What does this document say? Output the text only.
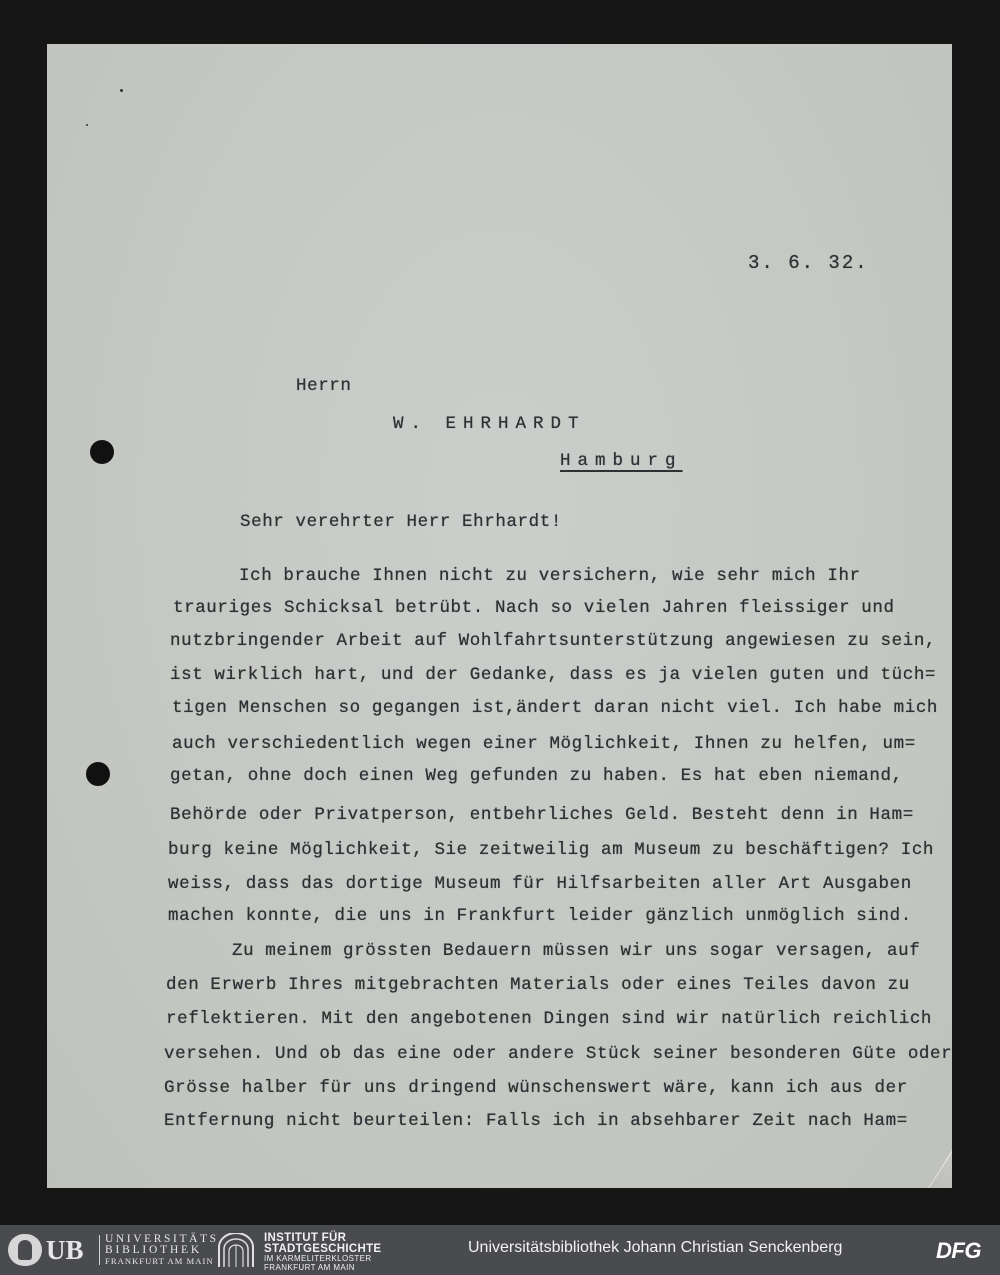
3. 6. 32.

Herrn

W. EHRHARDT

Hamburg

Sehr verehrter Herr Ehrhardt!

Ich brauche Ihnen nicht zu versichern, wie sehr mich Ihr

trauriges Schicksal betrübt. Nach so vielen Jahren fleissiger und

nutzbringender Arbeit auf Wohlfahrtsunterstützung angewiesen zu sein,

ist wirklich hart, und der Gedanke, dass es ja vielen guten und tüch=

tigen Menschen so gegangen ist,ändert daran nicht viel. Ich habe mich

auch verschiedentlich wegen einer Möglichkeit, Ihnen zu helfen, um=

getan, ohne doch einen Weg gefunden zu haben. Es hat eben niemand,

Behörde oder Privatperson, entbehrliches Geld. Besteht denn in Ham=

burg keine Möglichkeit, Sie zeitweilig am Museum zu beschäftigen? Ich

weiss, dass das dortige Museum für Hilfsarbeiten aller Art Ausgaben

machen konnte, die uns in Frankfurt leider gänzlich unmöglich sind.

Zu meinem grössten Bedauern müssen wir uns sogar versagen, auf

den Erwerb Ihres mitgebrachten Materials oder eines Teiles davon zu

reflektieren. Mit den angebotenen Dingen sind wir natürlich reichlich

versehen. Und ob das eine oder andere Stück seiner besonderen Güte oder

Grösse halber für uns dringend wünschenswert wäre, kann ich aus der

Entfernung nicht beurteilen: Falls ich in absehbarer Zeit nach Ham=

UB UNIVERSITÄTS
BIBLIOTHEK
FRANKFURT AM MAIN
INSTITUT FÜR
STADTGESCHICHTE
IM KARMELITERKLOSTER
FRANKFURT AM MAIN
Universitätsbibliothek Johann Christian Senckenberg	DFG
